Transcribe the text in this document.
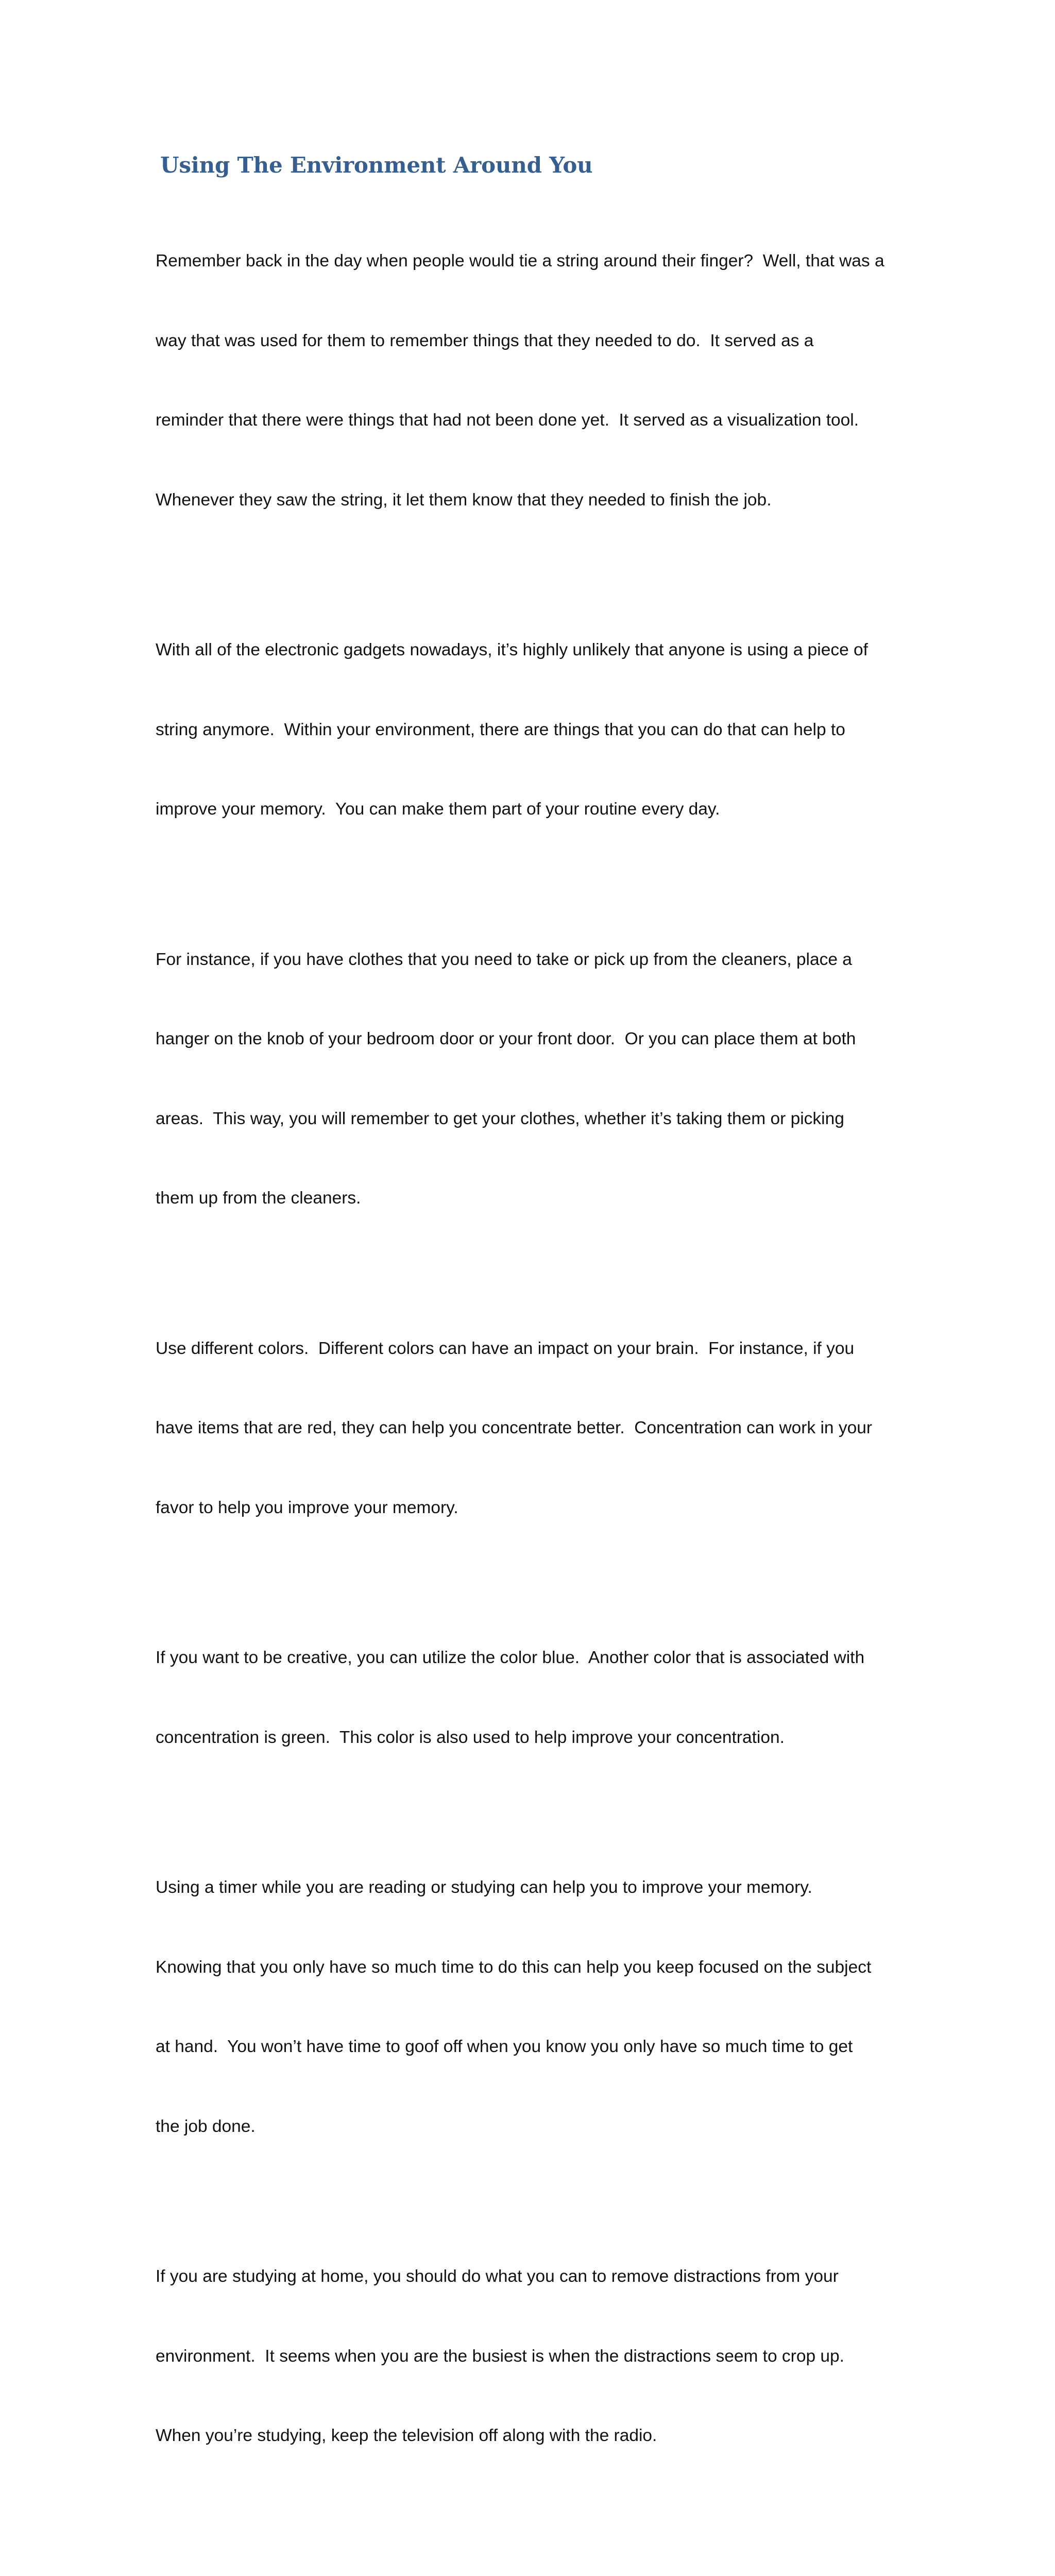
Using The Environment Around You

Remember back in the day when people would tie a string around their finger?  Well, that was a

way that was used for them to remember things that they needed to do.  It served as a

reminder that there were things that had not been done yet.  It served as a visualization tool.

Whenever they saw the string, it let them know that they needed to finish the job.

With all of the electronic gadgets nowadays, it’s highly unlikely that anyone is using a piece of

string anymore.  Within your environment, there are things that you can do that can help to

improve your memory.  You can make them part of your routine every day.

For instance, if you have clothes that you need to take or pick up from the cleaners, place a

hanger on the knob of your bedroom door or your front door.  Or you can place them at both

areas.  This way, you will remember to get your clothes, whether it’s taking them or picking

them up from the cleaners.

Use different colors.  Different colors can have an impact on your brain.  For instance, if you

have items that are red, they can help you concentrate better.  Concentration can work in your

favor to help you improve your memory.

If you want to be creative, you can utilize the color blue.  Another color that is associated with

concentration is green.  This color is also used to help improve your concentration.

Using a timer while you are reading or studying can help you to improve your memory.

Knowing that you only have so much time to do this can help you keep focused on the subject

at hand.  You won’t have time to goof off when you know you only have so much time to get

the job done.

If you are studying at home, you should do what you can to remove distractions from your

environment.  It seems when you are the busiest is when the distractions seem to crop up.

When you’re studying, keep the television off along with the radio.
